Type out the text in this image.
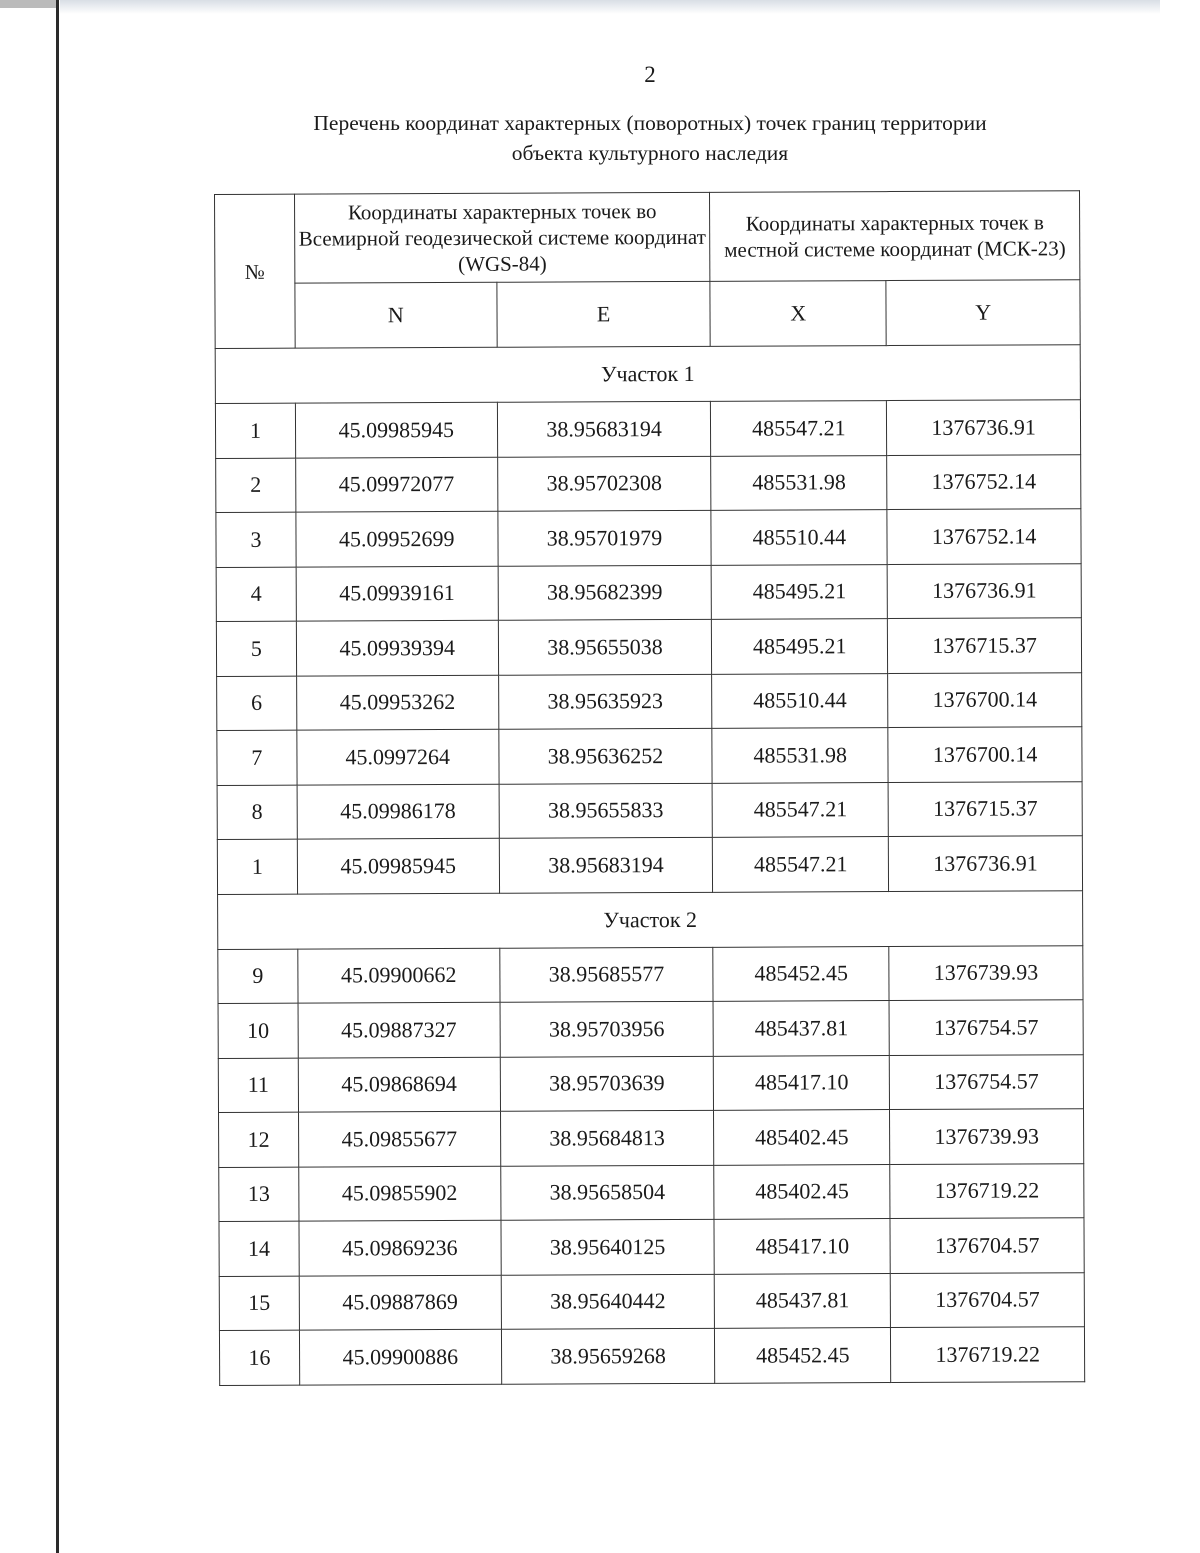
2
Перечень координат характерных (поворотных) точек границ территории
объекта культурного наследия
№	Координаты характерных точек во Всемирной геодезической системе координат (WGS-84)		Координаты характерных точек в местной системе координат (МСК-23)	
	N	E	X	Y
Участок 1				
1	45.09985945	38.95683194	485547.21	1376736.91
2	45.09972077	38.95702308	485531.98	1376752.14
3	45.09952699	38.95701979	485510.44	1376752.14
4	45.09939161	38.95682399	485495.21	1376736.91
5	45.09939394	38.95655038	485495.21	1376715.37
6	45.09953262	38.95635923	485510.44	1376700.14
7	45.0997264	38.95636252	485531.98	1376700.14
8	45.09986178	38.95655833	485547.21	1376715.37
1	45.09985945	38.95683194	485547.21	1376736.91
Участок 2				
9	45.09900662	38.95685577	485452.45	1376739.93
10	45.09887327	38.95703956	485437.81	1376754.57
11	45.09868694	38.95703639	485417.10	1376754.57
12	45.09855677	38.95684813	485402.45	1376739.93
13	45.09855902	38.95658504	485402.45	1376719.22
14	45.09869236	38.95640125	485417.10	1376704.57
15	45.09887869	38.95640442	485437.81	1376704.57
16	45.09900886	38.95659268	485452.45	1376719.22
